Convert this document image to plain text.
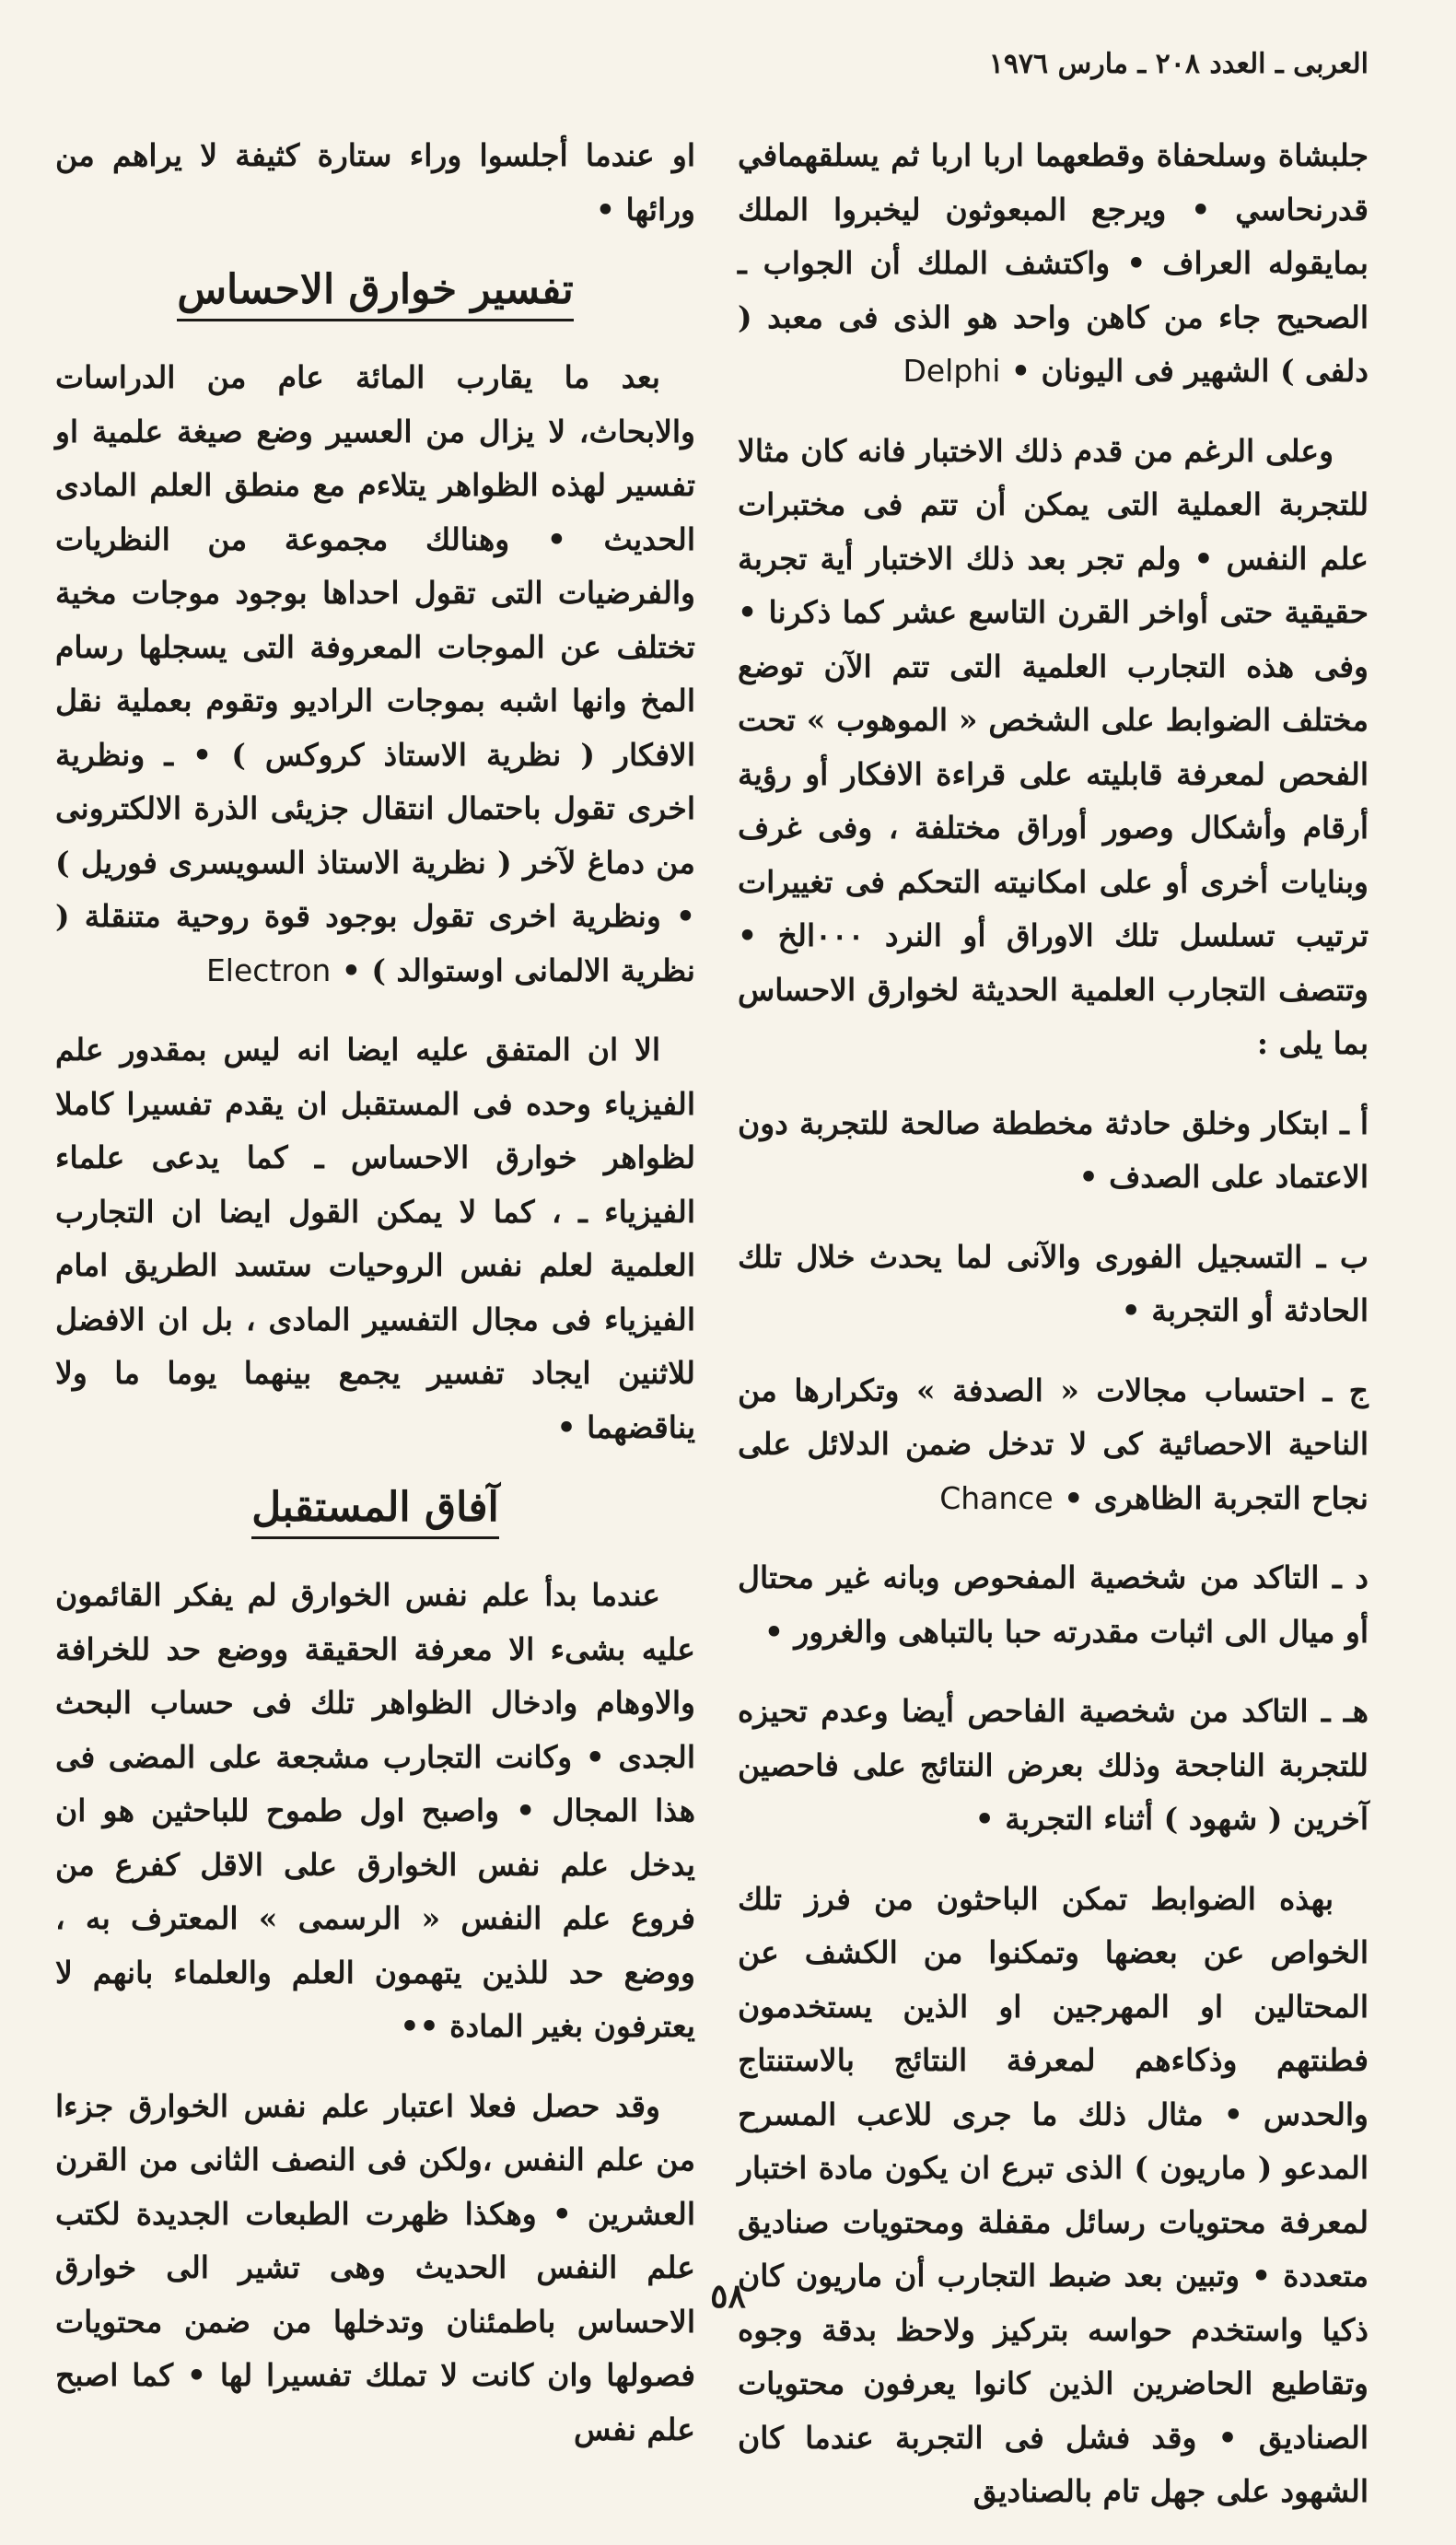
العربى ـ العدد ٢٠٨ ـ مارس ١٩٧٦

جلبشاة وسلحفاة وقطعهما اربا اربا ثم يسلقهمافي قدرنحاسي • ويرجع المبعوثون ليخبروا الملك بمايقوله العراف • واكتشف الملك أن الجواب ـ الصحيح جاء من كاهن واحد هو الذى فى معبد ( دلفى ) الشهير فى اليونان • Delphi

وعلى الرغم من قدم ذلك الاختبار فانه كان مثالا للتجربة العملية التى يمكن أن تتم فى مختبرات علم النفس • ولم تجر بعد ذلك الاختبار أية تجربة حقيقية حتى أواخر القرن التاسع عشر كما ذكرنا • وفى هذه التجارب العلمية التى تتم الآن توضع مختلف الضوابط على الشخص « الموهوب » تحت الفحص لمعرفة قابليته على قراءة الافكار أو رؤية أرقام وأشكال وصور أوراق مختلفة ، وفى غرف وبنايات أخرى أو على امكانيته التحكم فى تغييرات ترتيب تسلسل تلك الاوراق أو النرد ٠٠٠الخ • وتتصف التجارب العلمية الحديثة لخوارق الاحساس بما يلى :

أ ـ ابتكار وخلق حادثة مخططة صالحة للتجربة دون الاعتماد على الصدف •

ب ـ التسجيل الفورى والآنى لما يحدث خلال تلك الحادثة أو التجربة •

ج ـ احتساب مجالات « الصدفة » وتكرارها من الناحية الاحصائية كى لا تدخل ضمن الدلائل على نجاح التجربة الظاهرى • Chance

د ـ التاكد من شخصية المفحوص وبانه غير محتال أو ميال الى اثبات مقدرته حبا بالتباهى والغرور •

هـ ـ التاكد من شخصية الفاحص أيضا وعدم تحيزه للتجربة الناجحة وذلك بعرض النتائج على فاحصين آخرين ( شهود ) أثناء التجربة •

بهذه الضوابط تمكن الباحثون من فرز تلك الخواص عن بعضها وتمكنوا من الكشف عن المحتالين او المهرجين او الذين يستخدمون فطنتهم وذكاءهم لمعرفة النتائج بالاستنتاج والحدس • مثال ذلك ما جرى للاعب المسرح المدعو ( ماريون ) الذى تبرع ان يكون مادة اختبار لمعرفة محتويات رسائل مقفلة ومحتويات صناديق متعددة • وتبين بعد ضبط التجارب أن ماريون كان ذكيا واستخدم حواسه بتركيز ولاحظ بدقة وجوه وتقاطيع الحاضرين الذين كانوا يعرفون محتويات الصناديق • وقد فشل فى التجربة عندما كان الشهود على جهل تام بالصناديق

او عندما أجلسوا وراء ستارة كثيفة لا يراهم من ورائها •

تفسير خوارق الاحساس

بعد ما يقارب المائة عام من الدراسات والابحاث، لا يزال من العسير وضع صيغة علمية او تفسير لهذه الظواهر يتلاءم مع منطق العلم المادى الحديث • وهنالك مجموعة من النظريات والفرضيات التى تقول احداها بوجود موجات مخية تختلف عن الموجات المعروفة التى يسجلها رسام المخ وانها اشبه بموجات الراديو وتقوم بعملية نقل الافكار ( نظرية الاستاذ كروكس ) • ـ ونظرية اخرى تقول باحتمال انتقال جزيئى الذرة الالكترونى من دماغ لآخر ( نظرية الاستاذ السويسرى فوريل ) • ونظرية اخرى تقول بوجود قوة روحية متنقلة ( نظرية الالمانى اوستوالد ) • Electron

الا ان المتفق عليه ايضا انه ليس بمقدور علم الفيزياء وحده فى المستقبل ان يقدم تفسيرا كاملا لظواهر خوارق الاحساس ـ كما يدعى علماء الفيزياء ـ ، كما لا يمكن القول ايضا ان التجارب العلمية لعلم نفس الروحيات ستسد الطريق امام الفيزياء فى مجال التفسير المادى ، بل ان الافضل للاثنين ايجاد تفسير يجمع بينهما يوما ما ولا يناقضهما •

آفاق المستقبل

عندما بدأ علم نفس الخوارق لم يفكر القائمون عليه بشىء الا معرفة الحقيقة ووضع حد للخرافة والاوهام وادخال الظواهر تلك فى حساب البحث الجدى • وكانت التجارب مشجعة على المضى فى هذا المجال • واصبح اول طموح للباحثين هو ان يدخل علم نفس الخوارق على الاقل كفرع من فروع علم النفس « الرسمى » المعترف به ، ووضع حد للذين يتهمون العلم والعلماء بانهم لا يعترفون بغير المادة ••

وقد حصل فعلا اعتبار علم نفس الخوارق جزءا من علم النفس ،ولكن فى النصف الثانى من القرن العشرين • وهكذا ظهرت الطبعات الجديدة لكتب علم النفس الحديث وهى تشير الى خوارق الاحساس باطمئنان وتدخلها من ضمن محتويات فصولها وان كانت لا تملك تفسيرا لها • كما اصبح علم نفس

٥٨
